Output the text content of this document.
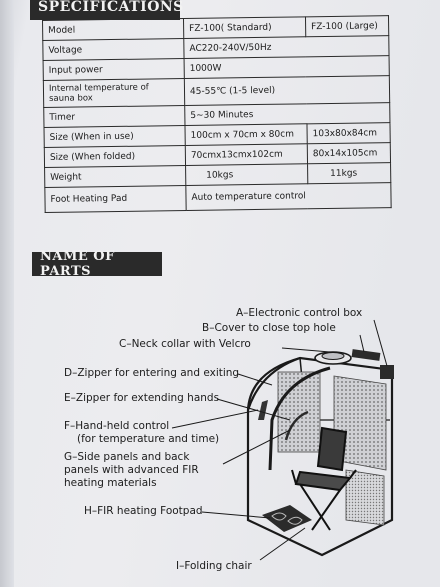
SPECIFICATIONS
Model	FZ-100( Standard)	FZ-100 (Large)
Voltage	AC220-240V/50Hz	
Input power	1000W	

Internal temperature of
sauna box	45-55℃ (1-5 level)	
Timer	5~30 Minutes	
Size (When in use)	100cm x 70cm x 80cm	103x80x84cm
Size (When folded)	70cmx13cmx102cm	80x14x105cm
Weight	10kgs	11kgs
Foot Heating Pad	Auto temperature control	
NAME OF PARTS
A–Electronic control box
B–Cover to close top hole
C–Neck collar with Velcro
D–Zipper for entering and exiting
E–Zipper for extending hands
F–Hand-held control
(for temperature and time)
G–Side panels and back
panels with advanced FIR
heating materials
H–FIR heating Footpad
I–Folding chair
